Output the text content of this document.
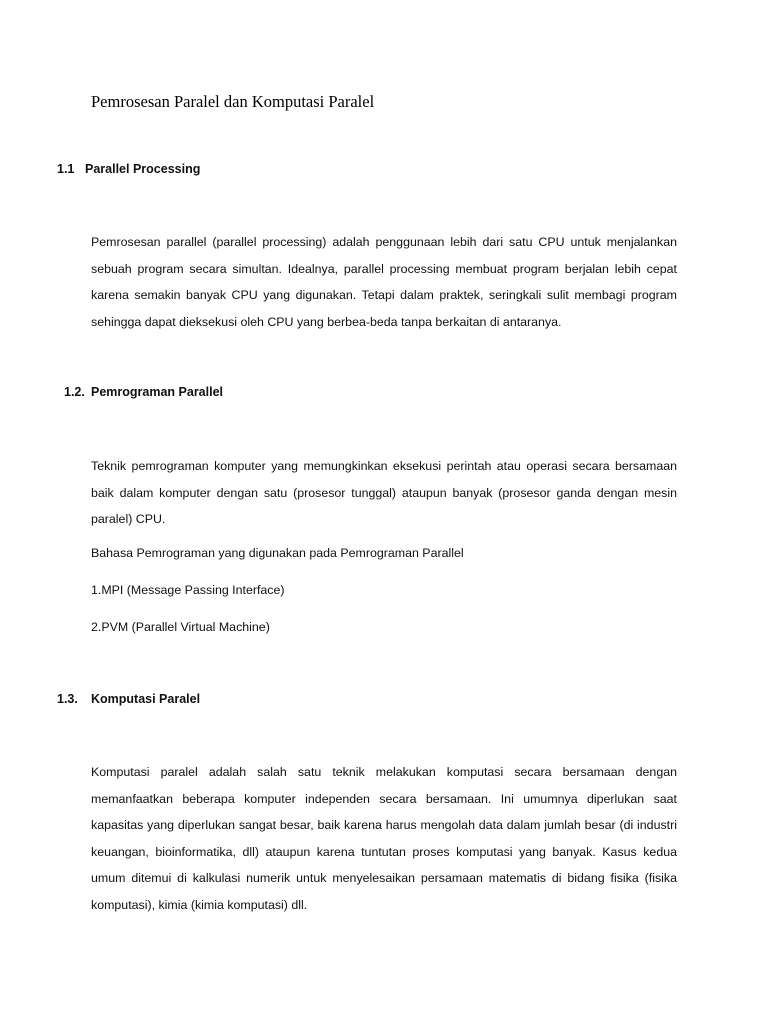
Pemrosesan Paralel dan Komputasi Paralel
1.1 Parallel Processing
Pemrosesan parallel (parallel processing) adalah penggunaan lebih dari satu CPU untuk menjalankan sebuah program secara simultan. Idealnya, parallel processing membuat program berjalan lebih cepat karena semakin banyak CPU yang digunakan. Tetapi dalam praktek, seringkali sulit membagi program sehingga dapat dieksekusi oleh CPU yang berbea-beda tanpa berkaitan di antaranya.
1.2. Pemrograman Parallel
Teknik pemrograman komputer yang memungkinkan eksekusi perintah atau operasi secara bersamaan baik dalam komputer dengan satu (prosesor tunggal) ataupun banyak (prosesor ganda dengan mesin paralel) CPU.
Bahasa Pemrograman yang digunakan pada Pemrograman Parallel
1.MPI (Message Passing Interface)
2.PVM (Parallel Virtual Machine)
1.3. Komputasi Paralel
Komputasi paralel adalah salah satu teknik melakukan komputasi secara bersamaan dengan memanfaatkan beberapa komputer independen secara bersamaan. Ini umumnya diperlukan saat kapasitas yang diperlukan sangat besar, baik karena harus mengolah data dalam jumlah besar (di industri keuangan, bioinformatika, dll) ataupun karena tuntutan proses komputasi yang banyak. Kasus kedua umum ditemui di kalkulasi numerik untuk menyelesaikan persamaan matematis di bidang fisika (fisika komputasi), kimia (kimia komputasi) dll.
